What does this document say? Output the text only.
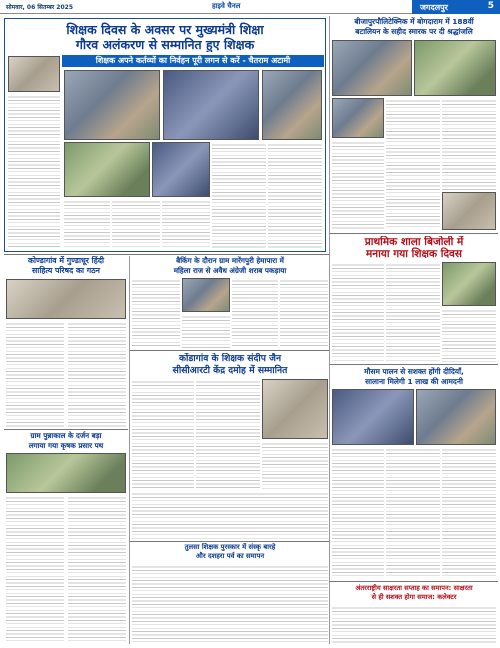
सोमवार, 06 सितम्बर 2025	हाइवे चैनल	जगदलपुर	5
शिक्षक दिवस के अवसर पर मुख्यमंत्री शिक्षा
गौरव अलंकरण से सम्मानित हुए शिक्षक
शिक्षक अपने कर्तव्यों का निर्वहन पूरी लगन से करें - चैतराम अटामी
बीजापुरपौलिटेक्निक में बोगदाराम में 188वीं
बटालियन के सहीद स्मारक पर दी श्रद्धांजलि
प्राथमिक शाला बिजोली में
मनाया गया शिक्षक दिवस
मौसम पालन से सशक्त होंगी दीदियाँ,
सालाना मिलेगी 1 लाख की आमदनी
कोण्डागांव में गुण्डाधूर हिंदी
साहित्य परिषद का गठन
बैकिंग के दौरान ग्राम मारेंगपुरी हेमापारा में
महिला राज से अवैध अंग्रेजी शराब पकड़ाया
कोंडागांव के शिक्षक संदीप जैन
सीसीआरटी केंद्र दमोह में सम्मानित
ग्राम पुन्नाकाल के दर्जन बड़ा
लगाया गया कृषक प्रसार पथ
तुलसा शिक्षक पुरस्कार में संस्कृ बारहे
और दशहरा पर्व का समापन
अंतरराष्ट्रीय साक्षरता सप्ताह का समापन: साक्षरता
से ही सशक्त होगा समाज: कलेक्टर
